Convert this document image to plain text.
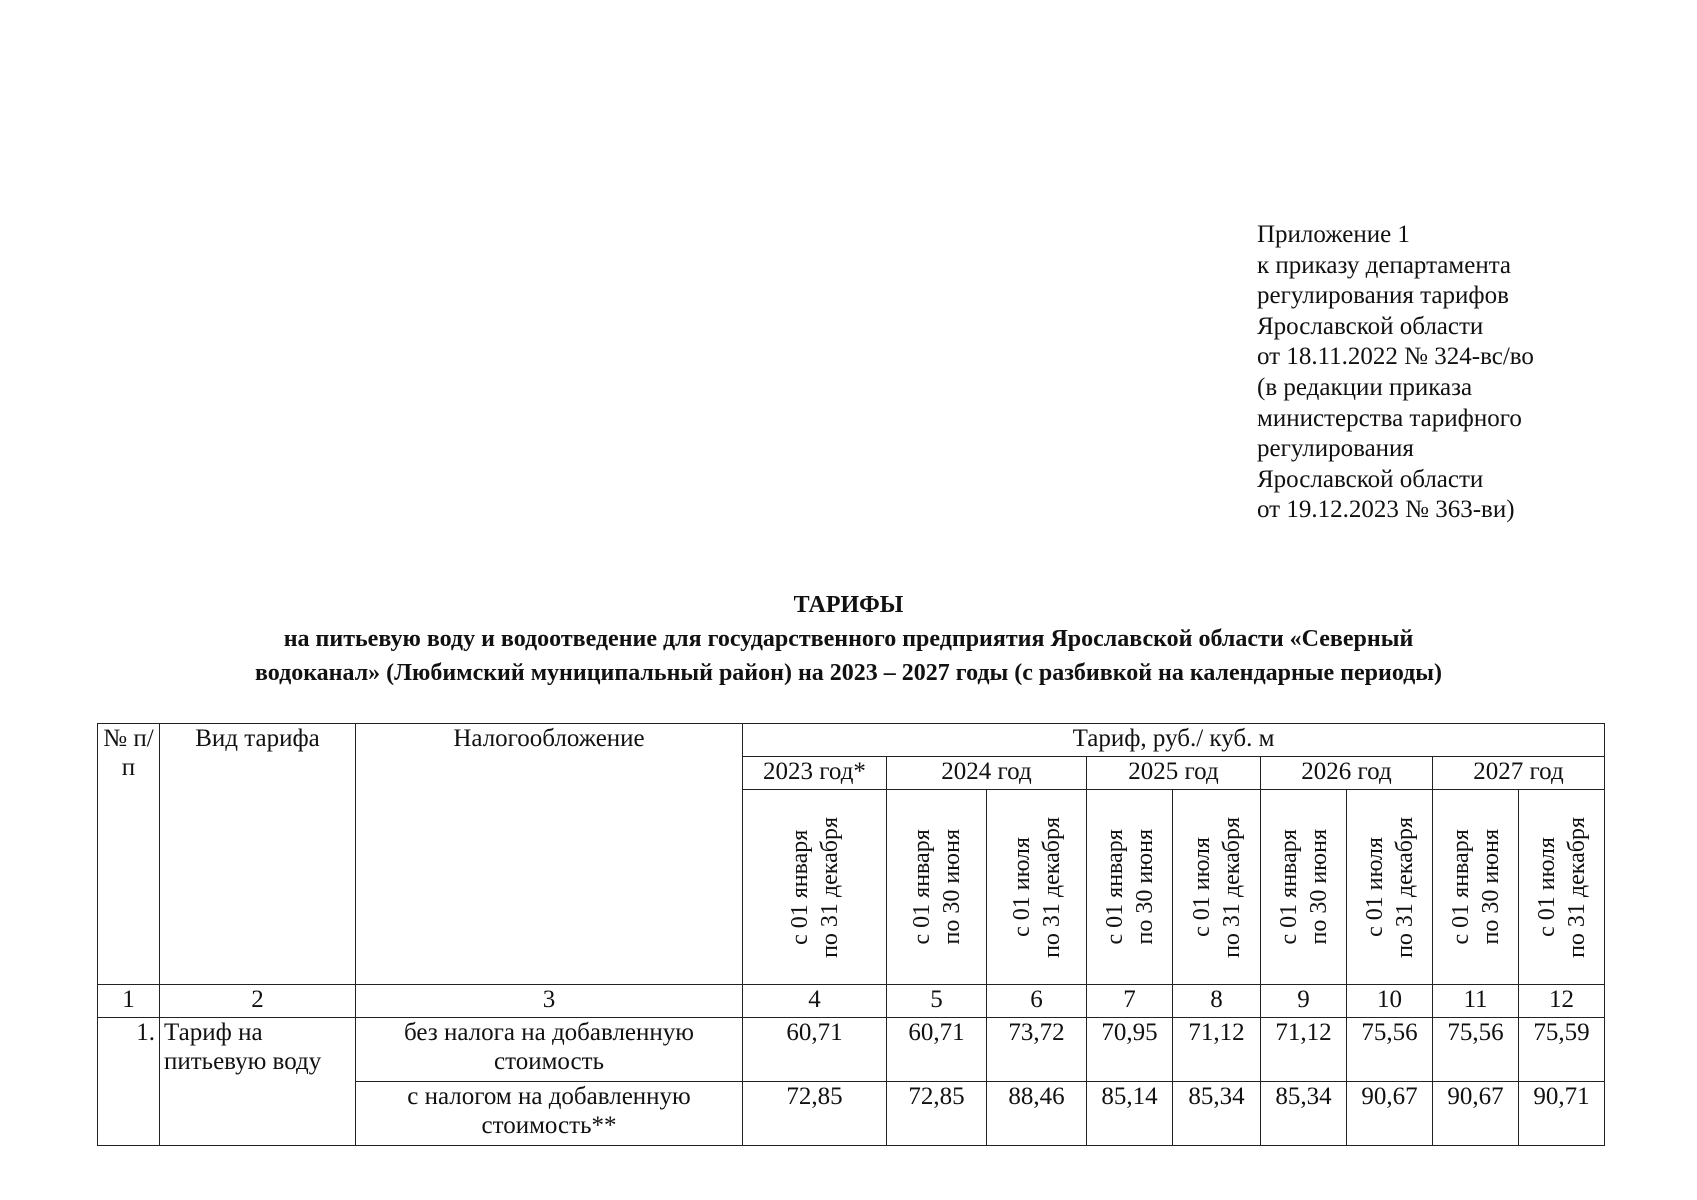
Приложение 1
к приказу департамента
регулирования тарифов
Ярославской области
от 18.11.2022 № 324-вс/во
(в редакции приказа
министерства тарифного
регулирования
Ярославской области
от 19.12.2023 № 363-ви)
ТАРИФЫ
на питьевую воду и водоотведение для государственного предприятия Ярославской области «Северный
водоканал» (Любимский муниципальный район) на 2023 – 2027 годы (с разбивкой на календарные периоды)
№ п/п	Вид тарифа	Налогообложение	Тариф, руб./ куб. м								
			2023 год*	2024 год		2025 год		2026 год		2027 год	

			с 01 января по 31 декабря	с 01 января по 30 июня	с 01 июля по 31 декабря	с 01 января по 30 июня	с 01 июля по 31 декабря	с 01 января по 30 июня	с 01 июля по 31 декабря	с 01 января по 30 июня	с 01 июля по 31 декабря

1	2	3	4	5	6	7	8	9	10	11	12
1.	Тариф на питьевую воду	без налога на добавленную стоимость	60,71	60,71	73,72	70,95	71,12	71,12	75,56	75,56	75,59
		с налогом на добавленную стоимость**	72,85	72,85	88,46	85,14	85,34	85,34	90,67	90,67	90,71
